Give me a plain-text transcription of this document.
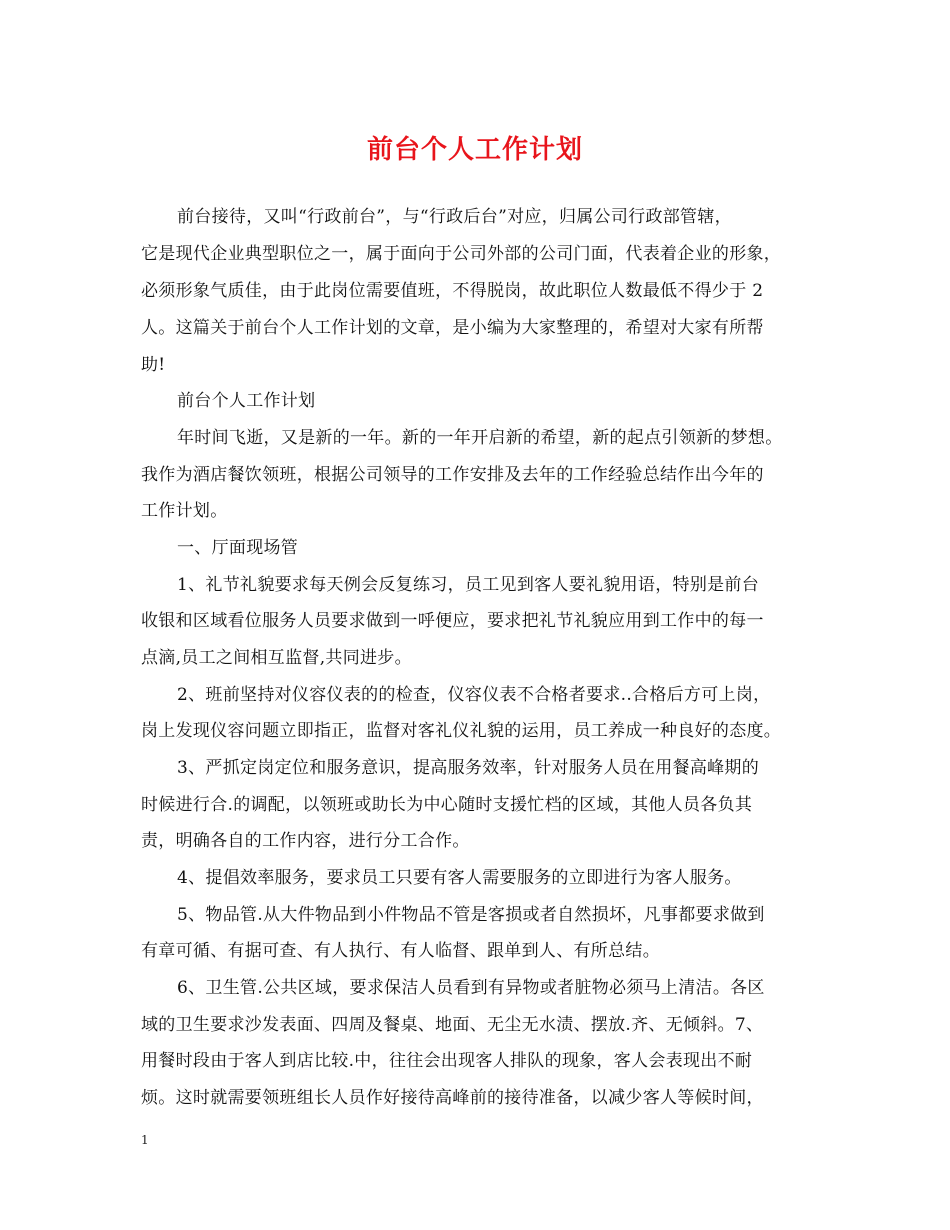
前台个人工作计划
前台接待，又叫“行政前台”，与“行政后台”对应，归属公司行政部管辖，
它是现代企业典型职位之一，属于面向于公司外部的公司门面，代表着企业的形象，
必须形象气质佳，由于此岗位需要值班，不得脱岗，故此职位人数最低不得少于 2
人。这篇关于前台个人工作计划的文章，是小编为大家整理的，希望对大家有所帮
助!
前台个人工作计划
年时间飞逝，又是新的一年。新的一年开启新的希望，新的起点引领新的梦想。
我作为酒店餐饮领班，根据公司领导的工作安排及去年的工作经验总结作出今年的
工作计划。
一、厅面现场管
1、礼节礼貌要求每天例会反复练习，员工见到客人要礼貌用语，特别是前台
收银和区域看位服务人员要求做到一呼便应，要求把礼节礼貌应用到工作中的每一
点滴,员工之间相互监督,共同进步。
2、班前坚持对仪容仪表的的检查，仪容仪表不合格者要求..合格后方可上岗，
岗上发现仪容问题立即指正，监督对客礼仪礼貌的运用，员工养成一种良好的态度。
3、严抓定岗定位和服务意识，提高服务效率，针对服务人员在用餐高峰期的
时候进行合.的调配，以领班或助长为中心随时支援忙档的区域，其他人员各负其
责，明确各自的工作内容，进行分工合作。
4、提倡效率服务，要求员工只要有客人需要服务的立即进行为客人服务。
5、物品管.从大件物品到小件物品不管是客损或者自然损坏，凡事都要求做到
有章可循、有据可查、有人执行、有人临督、跟单到人、有所总结。
6、卫生管.公共区域，要求保洁人员看到有异物或者脏物必须马上清洁。各区
域的卫生要求沙发表面、四周及餐桌、地面、无尘无水渍、摆放.齐、无倾斜。7、
用餐时段由于客人到店比较.中，往往会出现客人排队的现象，客人会表现出不耐
烦。这时就需要领班组长人员作好接待高峰前的接待准备，以减少客人等候时间，
1
